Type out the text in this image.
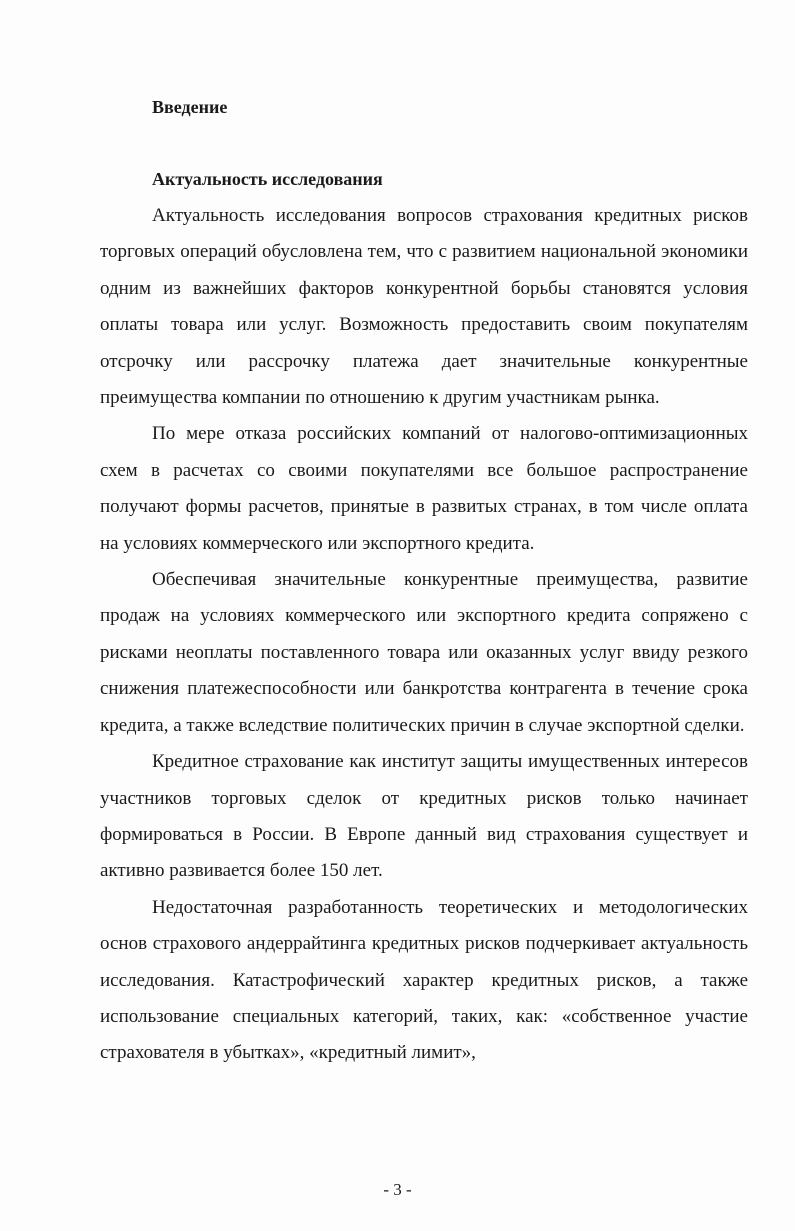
Введение
Актуальность исследования

Актуальность исследования вопросов страхования кредитных рисков торговых операций обусловлена тем, что с развитием национальной экономики одним из важнейших факторов конкурентной борьбы становятся условия оплаты товара или услуг. Возможность предоставить своим покупателям отсрочку или рассрочку платежа дает значительные конкурентные преимущества компании по отношению к другим участникам рынка.

По мере отказа российских компаний от налогово-оптимизационных схем в расчетах со своими покупателями все большое распространение получают формы расчетов, принятые в развитых странах, в том числе оплата на условиях коммерческого или экспортного кредита.

Обеспечивая значительные конкурентные преимущества, развитие продаж на условиях коммерческого или экспортного кредита сопряжено с рисками неоплаты поставленного товара или оказанных услуг ввиду резкого снижения платежеспособности или банкротства контрагента в течение срока кредита, а также вследствие политических причин в случае экспортной сделки.

Кредитное страхование как институт защиты имущественных интересов участников торговых сделок от кредитных рисков только начинает формироваться в России. В Европе данный вид страхования существует и активно развивается более 150 лет.

Недостаточная разработанность теоретических и методологических основ страхового андеррайтинга кредитных рисков подчеркивает актуальность исследования. Катастрофический характер кредитных рисков, а также использование специальных категорий, таких, как: «собственное участие страхователя в убытках», «кредитный лимит»,

- 3 -
